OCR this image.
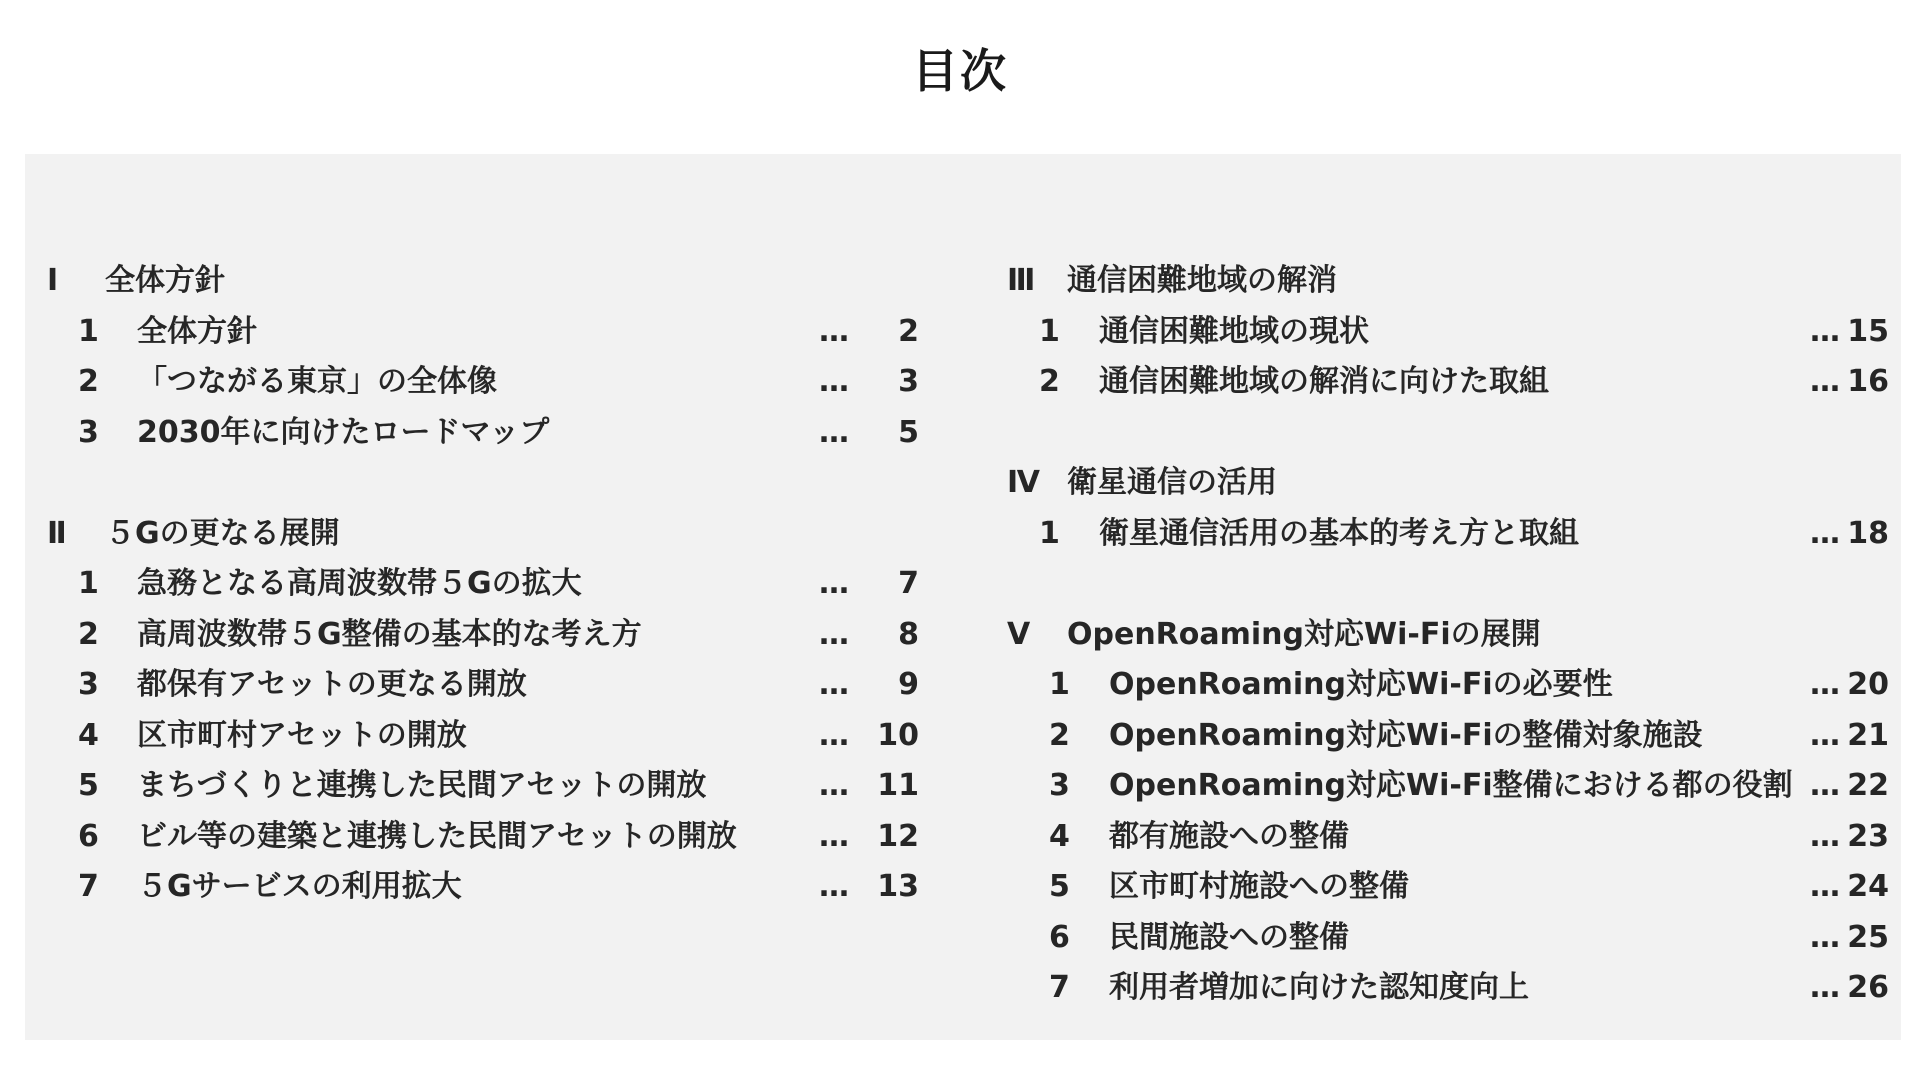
目次
Ⅰ 全体方針
1 全体方針	…	2
2 「つながる東京」の全体像	…	3
3 2030年に向けたロードマップ	…	5
Ⅱ ５Gの更なる展開
1 急務となる高周波数帯５Gの拡大	…	7
2 高周波数帯５G整備の基本的な考え方	…	8
3 都保有アセットの更なる開放	…	9
4 区市町村アセットの開放	… 10
5 まちづくりと連携した民間アセットの開放	… 11
6 ビル等の建築と連携した民間アセットの開放	… 12
7 ５Gサービスの利用拡大	… 13
Ⅲ 通信困難地域の解消
1 通信困難地域の現状	… 15
2 通信困難地域の解消に向けた取組	… 16
Ⅳ 衛星通信の活用
1 衛星通信活用の基本的考え方と取組	… 18
Ⅴ OpenRoaming対応Wi-Fiの展開
1 OpenRoaming対応Wi-Fiの必要性	… 20
2 OpenRoaming対応Wi-Fiの整備対象施設	… 21
3 OpenRoaming対応Wi-Fi整備における都の役割 … 22
4 都有施設への整備	… 23
5 区市町村施設への整備	… 24
6 民間施設への整備	… 25
7 利用者増加に向けた認知度向上	… 26
